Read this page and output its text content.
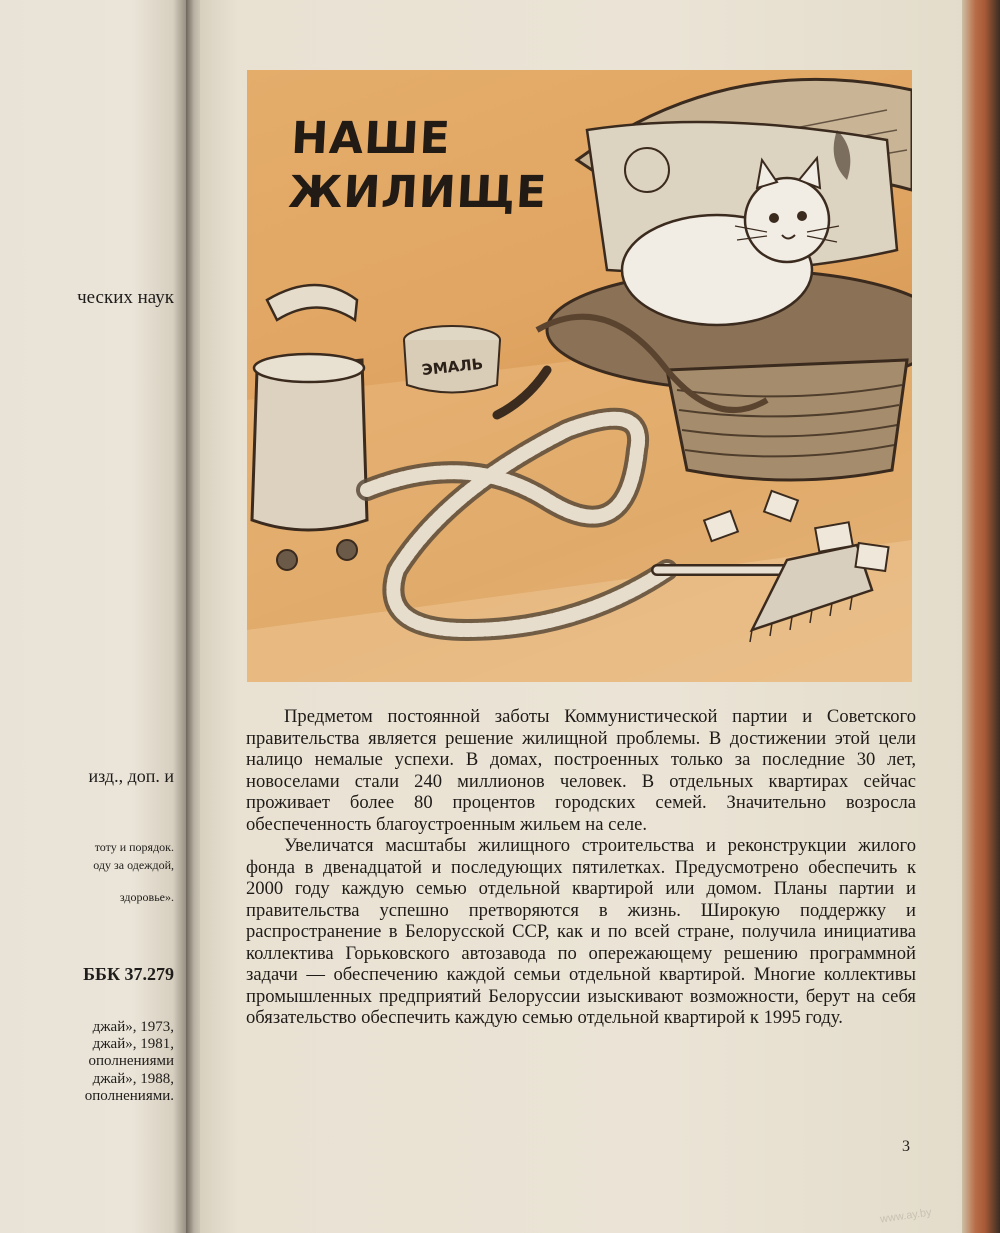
ческих наук
изд., доп. и
тоту и порядок.
оду за одеждой,
здоровье».
ББК 37.279
джай», 1973,
джай», 1981,
ополнениями
джай», 1988,
ополнениями.
ЭМАЛЬ
НАШЕ
ЖИЛИЩЕ

Предметом постоянной заботы Коммунистической партии и Советского правительства является решение жилищной проблемы. В достижении этой цели налицо немалые успехи. В домах, построенных только за последние 30 лет, новоселами стали 240 миллионов человек. В отдельных квартирах сейчас проживает более 80 процентов городских семей. Значительно возросла обеспеченность благоустроенным жильем на селе.

Увеличатся масштабы жилищного строительства и реконструкции жилого фонда в двенадцатой и последующих пятилетках. Предусмотрено обеспечить к 2000 году каждую семью отдельной квартирой или домом. Планы партии и правительства успешно претворяются в жизнь. Широкую поддержку и распространение в Белорусской ССР, как и по всей стране, получила инициатива коллектива Горьковского автозавода по опережающему решению программной задачи — обеспечению каждой семьи отдельной квартирой. Многие коллективы промышленных предприятий Белоруссии изыскивают возможности, берут на себя обязательство обеспечить каждую семью отдельной квартирой к 1995 году.

3
www.ay.by
